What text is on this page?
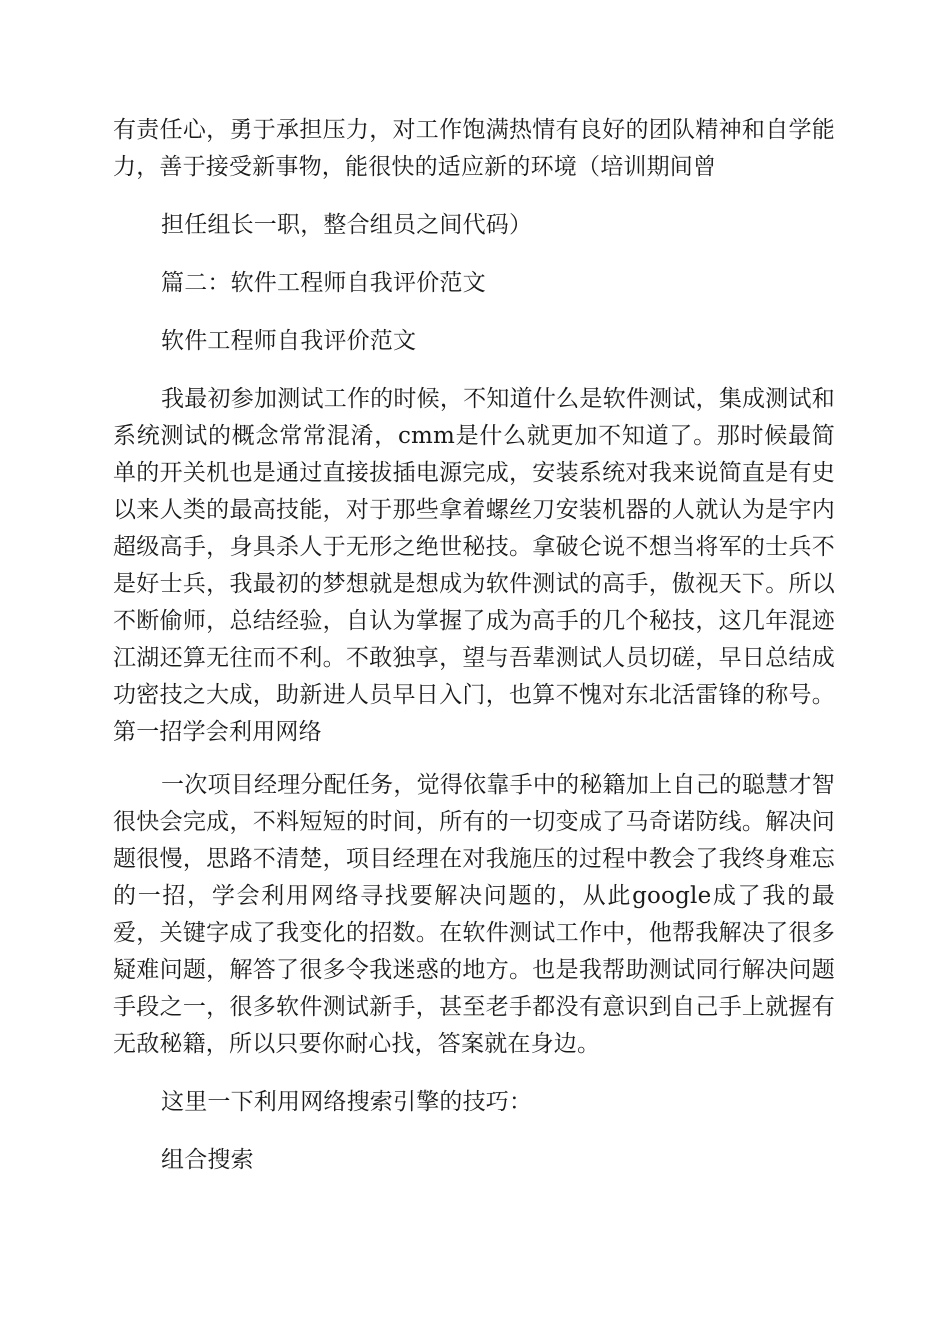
有责任心，勇于承担压力，对工作饱满热情有良好的团队精神和自学能力，善于接受新事物，能很快的适应新的环境（培训期间曾

担任组长一职，整合组员之间代码）

篇二：软件工程师自我评价范文

软件工程师自我评价范文

我最初参加测试工作的时候，不知道什么是软件测试，集成测试和系统测试的概念常常混淆，cmm是什么就更加不知道了。那时候最简单的开关机也是通过直接拔插电源完成，安装系统对我来说简直是有史以来人类的最高技能，对于那些拿着螺丝刀安装机器的人就认为是宇内超级高手，身具杀人于无形之绝世秘技。拿破仑说不想当将军的士兵不是好士兵，我最初的梦想就是想成为软件测试的高手，傲视天下。所以不断偷师，总结经验，自认为掌握了成为高手的几个秘技，这几年混迹江湖还算无往而不利。不敢独享，望与吾辈测试人员切磋，早日总结成功密技之大成，助新进人员早日入门，也算不愧对东北活雷锋的称号。第一招学会利用网络

一次项目经理分配任务，觉得依靠手中的秘籍加上自己的聪慧才智很快会完成，不料短短的时间，所有的一切变成了马奇诺防线。解决问题很慢，思路不清楚，项目经理在对我施压的过程中教会了我终身难忘的一招，学会利用网络寻找要解决问题的，从此google成了我的最爱，关键字成了我变化的招数。在软件测试工作中，他帮我解决了很多疑难问题，解答了很多令我迷惑的地方。也是我帮助测试同行解决问题手段之一，很多软件测试新手，甚至老手都没有意识到自己手上就握有无敌秘籍，所以只要你耐心找，答案就在身边。

这里一下利用网络搜索引擎的技巧：

组合搜索
